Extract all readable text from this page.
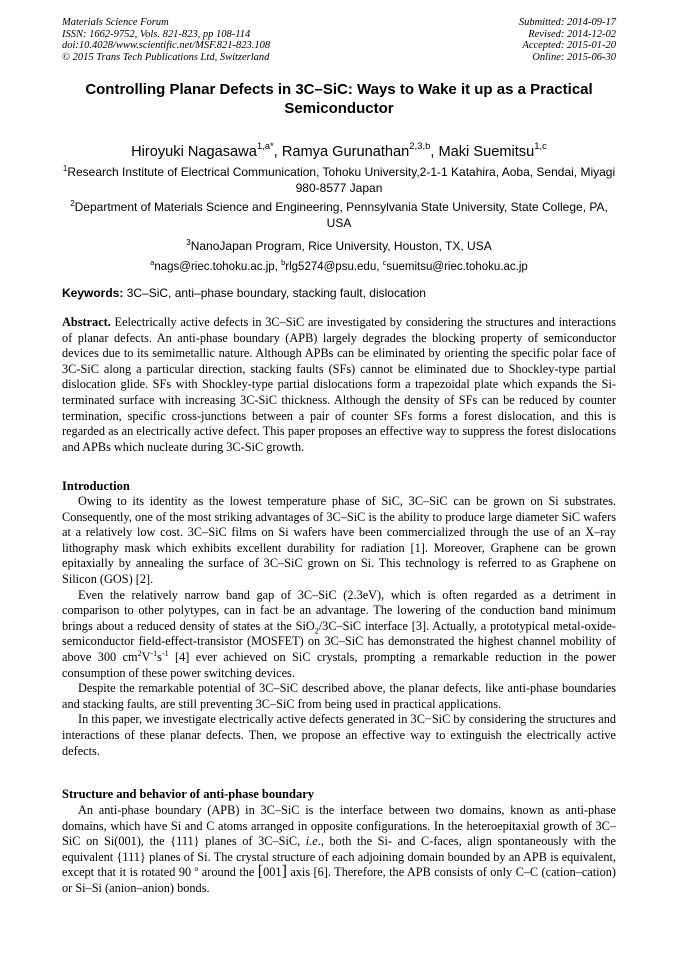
Materials Science Forum
ISSN: 1662-9752, Vols. 821-823, pp 108-114
doi:10.4028/www.scientific.net/MSF.821-823.108
© 2015 Trans Tech Publications Ltd, Switzerland
Submitted: 2014-09-17
Revised: 2014-12-02
Accepted: 2015-01-20
Online: 2015-06-30
Controlling Planar Defects in 3C–SiC: Ways to Wake it up as a Practical Semiconductor
Hiroyuki Nagasawa$^{1,a*}$, Ramya Gurunathan$^{2,3,b}$, Maki Suemitsu$^{1,c}$
$^1$Research Institute of Electrical Communication, Tohoku University,2-1-1 Katahira, Aoba, Sendai, Miyagi 980-8577 Japan
$^2$Department of Materials Science and Engineering, Pennsylvania State University, State College, PA, USA
$^3$NanoJapan Program, Rice University, Houston, TX, USA
$^a$nags@riec.tohoku.ac.jp, $^b$rlg5274@psu.edu, $^c$suemitsu@riec.tohoku.ac.jp
Keywords: 3C–SiC, anti–phase boundary, stacking fault, dislocation

Abstract. Eelectrically active defects in 3C–SiC are investigated by considering the structures and interactions of planar defects. An anti-phase boundary (APB) largely degrades the blocking property of semiconductor devices due to its semimetallic nature. Although APBs can be eliminated by orienting the specific polar face of 3C-SiC along a particular direction, stacking faults (SFs) cannot be eliminated due to Shockley-type partial dislocation glide. SFs with Shockley-type partial dislocations form a trapezoidal plate which expands the Si-terminated surface with increasing 3C-SiC thickness. Although the density of SFs can be reduced by counter termination, specific cross-junctions between a pair of counter SFs forms a forest dislocation, and this is regarded as an electrically active defect. This paper proposes an effective way to suppress the forest dislocations and APBs which nucleate during 3C-SiC growth.

Introduction

Owing to its identity as the lowest temperature phase of SiC, 3C–SiC can be grown on Si substrates. Consequently, one of the most striking advantages of 3C–SiC is the ability to produce large diameter SiC wafers at a relatively low cost. 3C–SiC films on Si wafers have been commercialized through the use of an X–ray lithography mask which exhibits excellent durability for radiation [1]. Moreover, Graphene can be grown epitaxially by annealing the surface of 3C–SiC grown on Si. This technology is referred to as Graphene on Silicon (GOS) [2].

Even the relatively narrow band gap of 3C–SiC (2.3eV), which is often regarded as a detriment in comparison to other polytypes, can in fact be an advantage. The lowering of the conduction band minimum brings about a reduced density of states at the SiO$_2$/3C–SiC interface [3]. Actually, a prototypical metal-oxide-semiconductor field-effect-transistor (MOSFET) on 3C–SiC has demonstrated the highest channel mobility of above 300 $cm^2V^{-1}s^{-1}$ [4] ever achieved on SiC crystals, prompting a remarkable reduction in the power consumption of these power switching devices.

Despite the remarkable potential of 3C–SiC described above, the planar defects, like anti-phase boundaries and stacking faults, are still preventing 3C–SiC from being used in practical applications.

In this paper, we investigate electrically active defects generated in 3C−SiC by considering the structures and interactions of these planar defects. Then, we propose an effective way to extinguish the electrically active defects.

Structure and behavior of anti-phase boundary

An anti-phase boundary (APB) in 3C–SiC is the interface between two domains, known as anti-phase domains, which have Si and C atoms arranged in opposite configurations. In the heteroepitaxial growth of 3C–SiC on Si(001), the {111} planes of 3C–SiC, i.e., both the Si- and C-faces, align spontaneously with the equivalent {111} planes of Si. The crystal structure of each adjoining domain bounded by an APB is equivalent, except that it is rotated 90 º around the [001] axis [6]. Therefore, the APB consists of only C–C (cation–cation) or Si–Si (anion–anion) bonds.
